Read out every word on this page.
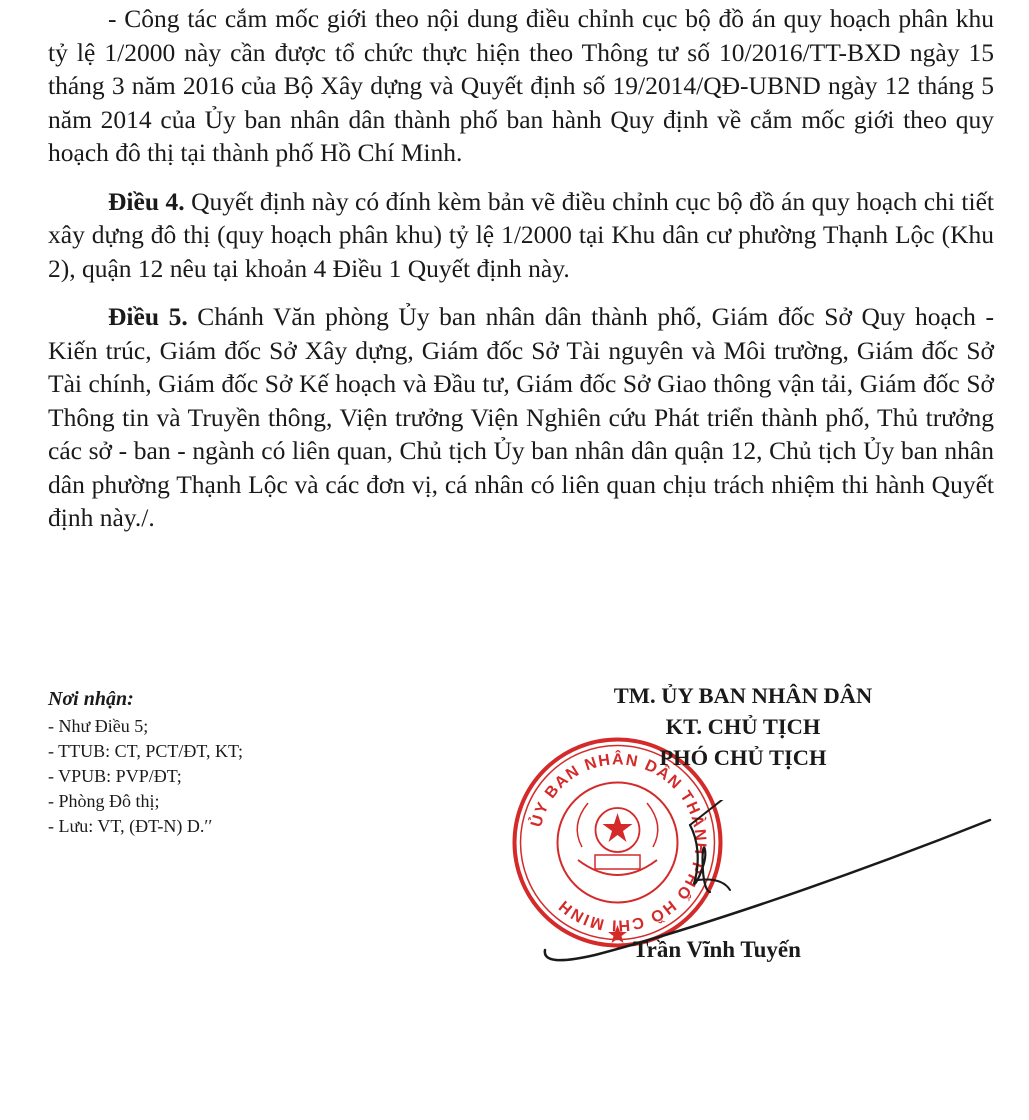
- Công tác cắm mốc giới theo nội dung điều chỉnh cục bộ đồ án quy hoạch phân khu tỷ lệ 1/2000 này cần được tổ chức thực hiện theo Thông tư số 10/2016/TT-BXD ngày 15 tháng 3 năm 2016 của Bộ Xây dựng và Quyết định số 19/2014/QĐ-UBND ngày 12 tháng 5 năm 2014 của Ủy ban nhân dân thành phố ban hành Quy định về cắm mốc giới theo quy hoạch đô thị tại thành phố Hồ Chí Minh.

Điều 4. Quyết định này có đính kèm bản vẽ điều chỉnh cục bộ đồ án quy hoạch chi tiết xây dựng đô thị (quy hoạch phân khu) tỷ lệ 1/2000 tại Khu dân cư phường Thạnh Lộc (Khu 2), quận 12 nêu tại khoản 4 Điều 1 Quyết định này.

Điều 5. Chánh Văn phòng Ủy ban nhân dân thành phố, Giám đốc Sở Quy hoạch - Kiến trúc, Giám đốc Sở Xây dựng, Giám đốc Sở Tài nguyên và Môi trường, Giám đốc Sở Tài chính, Giám đốc Sở Kế hoạch và Đầu tư, Giám đốc Sở Giao thông vận tải, Giám đốc Sở Thông tin và Truyền thông, Viện trưởng Viện Nghiên cứu Phát triển thành phố, Thủ trưởng các sở - ban - ngành có liên quan, Chủ tịch Ủy ban nhân dân quận 12, Chủ tịch Ủy ban nhân dân phường Thạnh Lộc và các đơn vị, cá nhân có liên quan chịu trách nhiệm thi hành Quyết định này./.

Nơi nhận:
- Như Điều 5;
- TTUB: CT, PCT/ĐT, KT;
- VPUB: PVP/ĐT;
- Phòng Đô thị;
- Lưu: VT, (ĐT-N) D.′′	ỦY BAN NHÂN DÂN THÀNH PHỐ HỒ CHÍ MINH
TM. ỦY BAN NHÂN DÂN
KT. CHỦ TỊCH
PHÓ CHỦ TỊCH
Trần Vĩnh Tuyến
